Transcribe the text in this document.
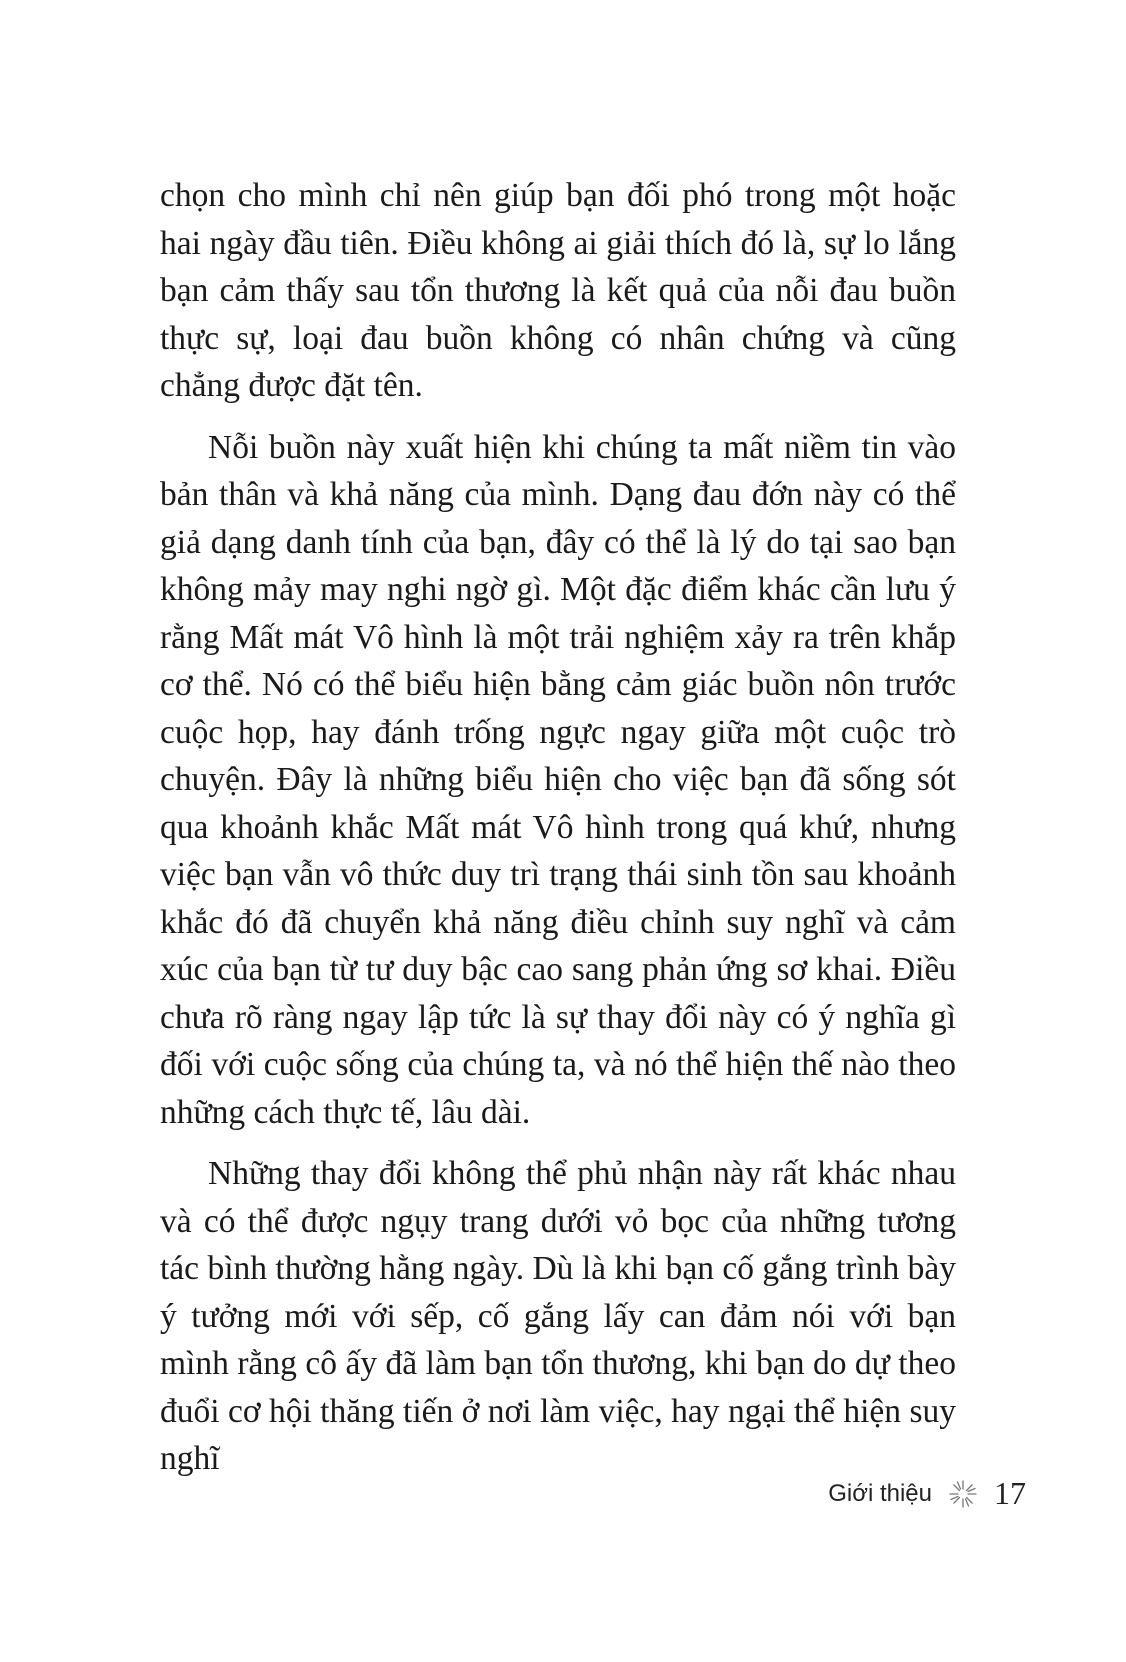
chọn cho mình chỉ nên giúp bạn đối phó trong một hoặc hai ngày đầu tiên. Điều không ai giải thích đó là, sự lo lắng bạn cảm thấy sau tổn thương là kết quả của nỗi đau buồn thực sự, loại đau buồn không có nhân chứng và cũng chẳng được đặt tên.

Nỗi buồn này xuất hiện khi chúng ta mất niềm tin vào bản thân và khả năng của mình. Dạng đau đớn này có thể giả dạng danh tính của bạn, đây có thể là lý do tại sao bạn không mảy may nghi ngờ gì. Một đặc điểm khác cần lưu ý rằng Mất mát Vô hình là một trải nghiệm xảy ra trên khắp cơ thể. Nó có thể biểu hiện bằng cảm giác buồn nôn trước cuộc họp, hay đánh trống ngực ngay giữa một cuộc trò chuyện. Đây là những biểu hiện cho việc bạn đã sống sót qua khoảnh khắc Mất mát Vô hình trong quá khứ, nhưng việc bạn vẫn vô thức duy trì trạng thái sinh tồn sau khoảnh khắc đó đã chuyển khả năng điều chỉnh suy nghĩ và cảm xúc của bạn từ tư duy bậc cao sang phản ứng sơ khai. Điều chưa rõ ràng ngay lập tức là sự thay đổi này có ý nghĩa gì đối với cuộc sống của chúng ta, và nó thể hiện thế nào theo những cách thực tế, lâu dài.

Những thay đổi không thể phủ nhận này rất khác nhau và có thể được ngụy trang dưới vỏ bọc của những tương tác bình thường hằng ngày. Dù là khi bạn cố gắng trình bày ý tưởng mới với sếp, cố gắng lấy can đảm nói với bạn mình rằng cô ấy đã làm bạn tổn thương, khi bạn do dự theo đuổi cơ hội thăng tiến ở nơi làm việc, hay ngại thể hiện suy nghĩ

Giới thiệu 17
